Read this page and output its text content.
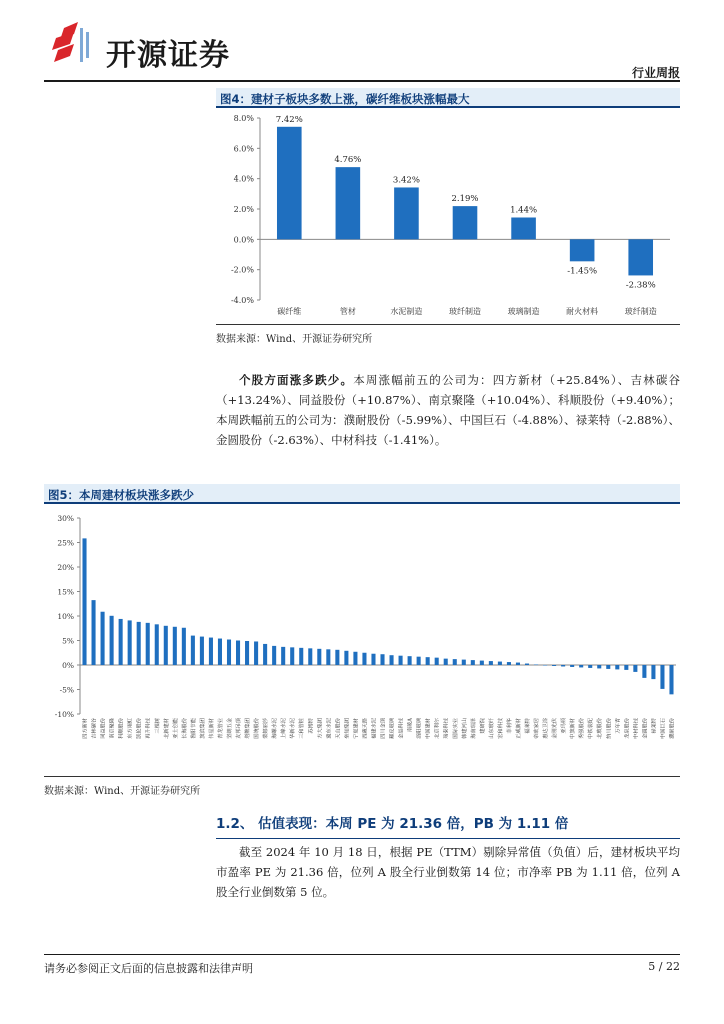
开源证券	行业周报
图4：建材子板块多数上涨，碳纤维板块涨幅最大
8.0%
6.0%
4.0%
2.0%
0.0%
-2.0%
-4.0%
7.42%
碳纤维
4.76%
管材
3.42%
水泥制造
2.19%
玻纤制造
1.44%
玻璃制造
-1.45%
耐火材料
-2.38%
玻纤制造
数据来源：Wind、开源证券研究所
个股方面涨多跌少。本周涨幅前五的公司为：四方新材（+25.84%）、吉林碳谷（+13.24%）、同益股份（+10.87%）、南京聚隆（+10.04%）、科顺股份（+9.40%）；本周跌幅前五的公司为：濮耐股份（-5.99%）、中国巨石（-4.88%）、禄莱特（-2.88%）、金圆股份（-2.63%）、中材科技（-1.41%）。
图5：本周建材板块涨多跌少
30%
25%
20%
15%
10%
5%
0%
-5%
-10%
四方新材 吉林碳谷 同益股份 南京聚隆 科顺股份 东方雨虹 凯伦股份 再升科技 三棵树 北新建材 亚士创能 长海股份 鲁阳节能 旗滨集团 伟星新材 青龙管业 坚朗五金 友邦吊顶 塔牌集团 国统股份 蒙娜丽莎 海螺水泥 上峰水泥 华新水泥 三和管桩 苏博特 方大集团 冀东水泥 天山股份 垒知集团 宁夏建材 西藏天路 福建水泥 四川金顶 耀皮玻璃 金晶科技 南玻A 洛阳玻璃 中国建材 北京利尔 瑞泰科技 国际实业 韩建河山 海南瑞泽 建研院 山东玻纤 宏和科技 菲利华 正威新材 福莱特 帝欧家居 惠达卫浴 金刚光伏 亚玛顿 中旗新材 秀强股份 中铁装配 北玻股份 纳川股份 万年青 龙泉股份 中材科技 金圆股份 禄莱特 中国巨石 濮耐股份
数据来源：Wind、开源证券研究所
1.2、 估值表现：本周 PE 为 21.36 倍，PB 为 1.11 倍
截至 2024 年 10 月 18 日，根据 PE（TTM）剔除异常值（负值）后，建材板块平均市盈率 PE 为 21.36 倍，位列 A 股全行业倒数第 14 位；市净率 PB 为 1.11 倍，位列 A 股全行业倒数第 5 位。
请务必参阅正文后面的信息披露和法律声明	5 / 22
